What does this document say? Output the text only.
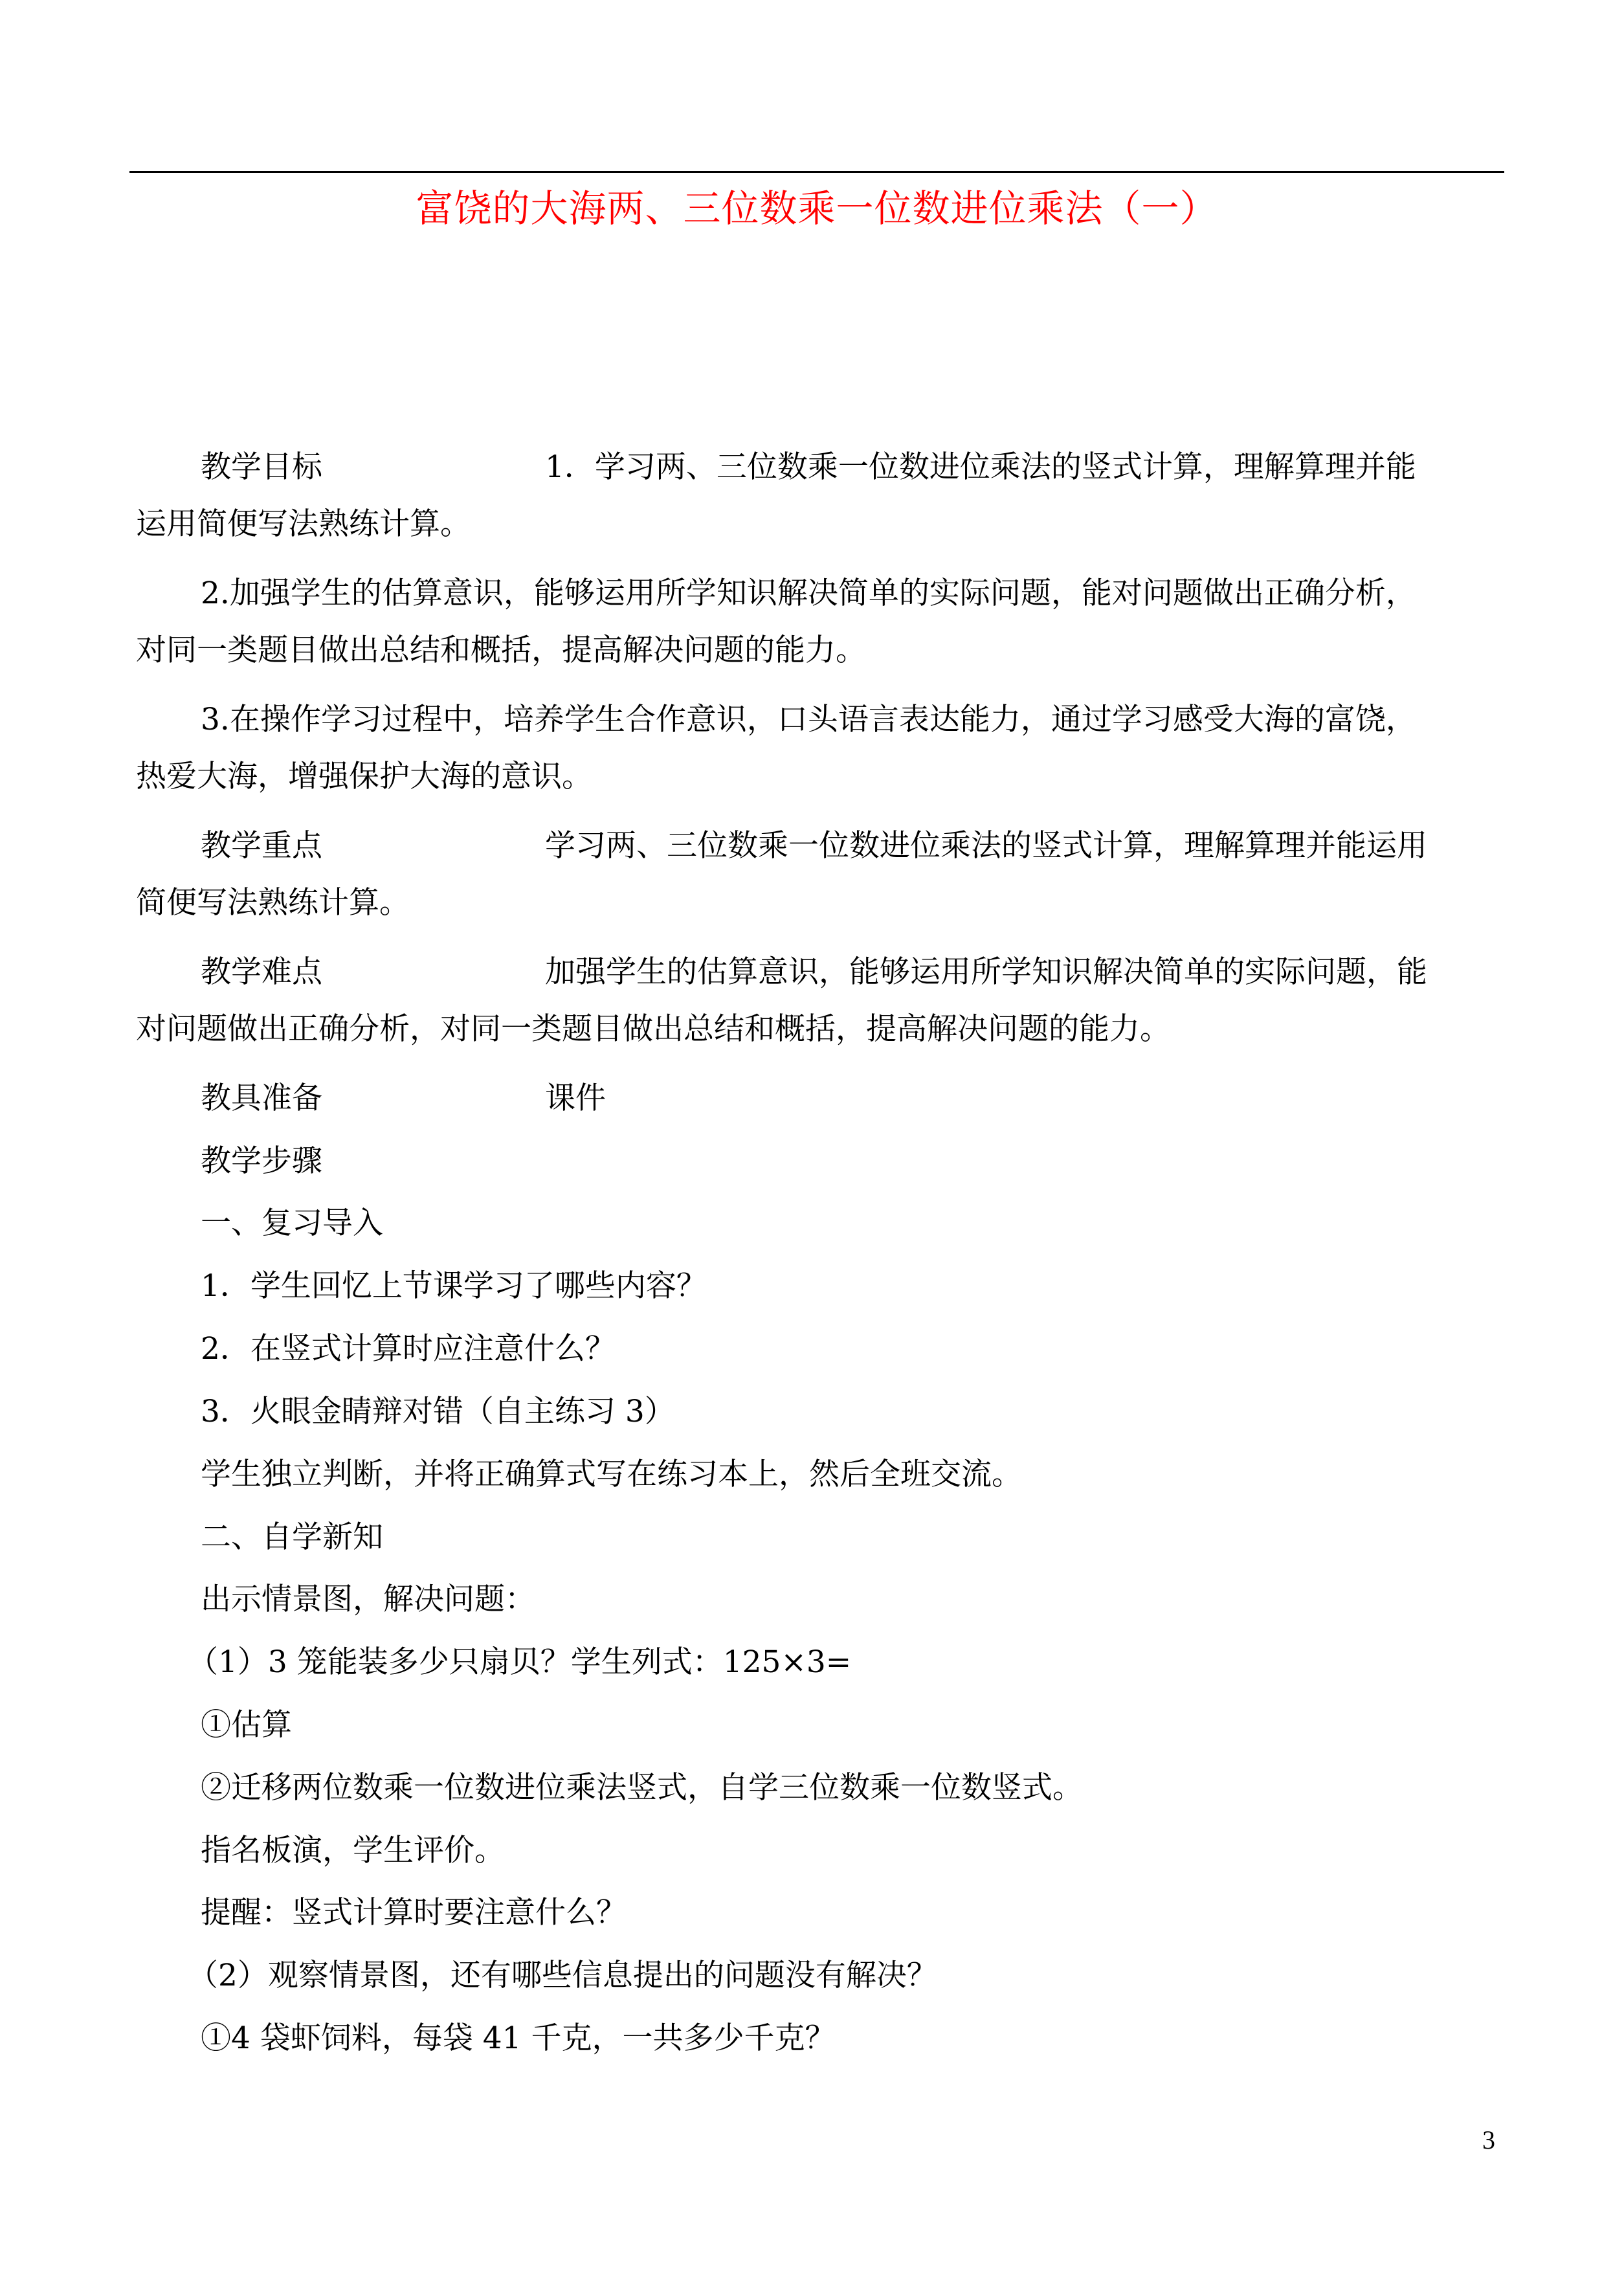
富饶的大海两、三位数乘一位数进位乘法（一）
教学目标	1．学习两、三位数乘一位数进位乘法的竖式计算，理解算理并能
运用简便写法熟练计算。
2.加强学生的估算意识，能够运用所学知识解决简单的实际问题，能对问题做出正确分析，
对同一类题目做出总结和概括，提高解决问题的能力。
3.在操作学习过程中，培养学生合作意识，口头语言表达能力，通过学习感受大海的富饶，
热爱大海，增强保护大海的意识。
教学重点	学习两、三位数乘一位数进位乘法的竖式计算，理解算理并能运用
简便写法熟练计算。
教学难点	加强学生的估算意识，能够运用所学知识解决简单的实际问题，能
对问题做出正确分析，对同一类题目做出总结和概括，提高解决问题的能力。
教具准备	课件
教学步骤
一、复习导入
1．学生回忆上节课学习了哪些内容？
2．在竖式计算时应注意什么？
3．火眼金睛辩对错（自主练习 3）
学生独立判断，并将正确算式写在练习本上，然后全班交流。
二、自学新知
出示情景图，解决问题：
（1）3 笼能装多少只扇贝？学生列式：125×3=
①估算
②迁移两位数乘一位数进位乘法竖式，自学三位数乘一位数竖式。
指名板演，学生评价。
提醒：竖式计算时要注意什么？
（2）观察情景图，还有哪些信息提出的问题没有解决？
①4 袋虾饲料，每袋 41 千克，一共多少千克？
3
